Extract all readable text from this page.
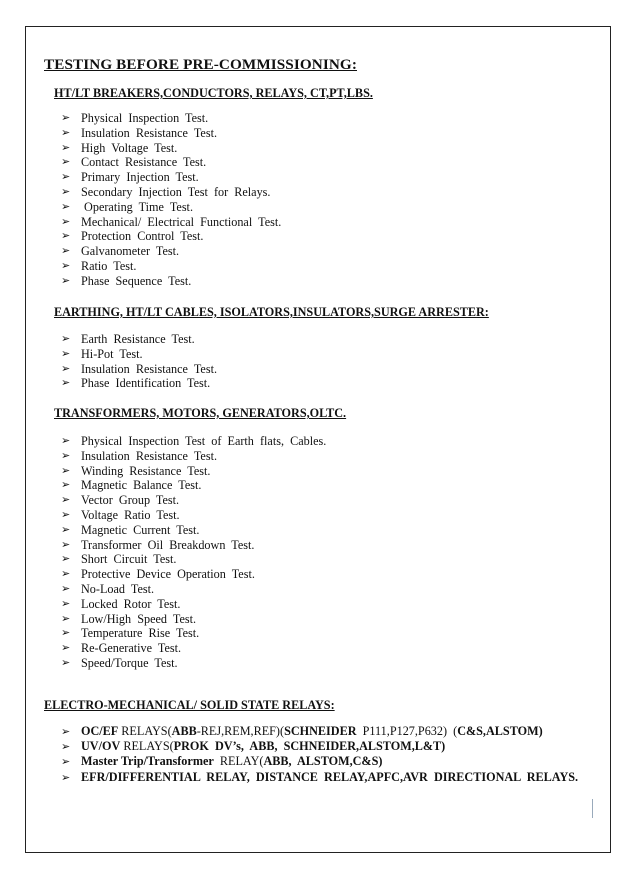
TESTING BEFORE PRE-COMMISSIONING:
HT/LT BREAKERS,CONDUCTORS, RELAYS, CT,PT,LBS.
➢ Physical  Inspection  Test.
➢ Insulation  Resistance  Test.
➢ High  Voltage  Test.
➢ Contact  Resistance  Test.
➢ Primary  Injection  Test.
➢ Secondary  Injection  Test  for  Relays.
➢ Operating  Time  Test.
➢ Mechanical/  Electrical  Functional  Test.
➢ Protection  Control  Test.
➢ Galvanometer  Test.
➢ Ratio  Test.
➢ Phase  Sequence  Test.
EARTHING, HT/LT CABLES, ISOLATORS,INSULATORS,SURGE ARRESTER:
➢ Earth  Resistance  Test.
➢ Hi-Pot  Test.
➢ Insulation  Resistance  Test.
➢ Phase  Identification  Test.
TRANSFORMERS, MOTORS, GENERATORS,OLTC.
➢ Physical  Inspection  Test  of  Earth  flats,  Cables.
➢ Insulation  Resistance  Test.
➢ Winding  Resistance  Test.
➢ Magnetic  Balance  Test.
➢ Vector  Group  Test.
➢ Voltage  Ratio  Test.
➢ Magnetic  Current  Test.
➢ Transformer  Oil  Breakdown  Test.
➢ Short  Circuit  Test.
➢ Protective  Device  Operation  Test.
➢ No-Load  Test.
➢ Locked  Rotor  Test.
➢ Low/High  Speed  Test.
➢ Temperature  Rise  Test.
➢ Re-Generative  Test.
➢ Speed/Torque  Test.
ELECTRO-MECHANICAL/ SOLID STATE RELAYS:
➢ OC/EF RELAYS(ABB-REJ,REM,REF)(SCHNEIDER  P111,P127,P632)  (C&S,ALSTOM)
➢ UV/OV RELAYS(PROK  DV’s,  ABB,  SCHNEIDER,ALSTOM,L&T)
➢ Master Trip/Transformer  RELAY(ABB,  ALSTOM,C&S)
➢ EFR/DIFFERENTIAL  RELAY,  DISTANCE  RELAY,APFC,AVR  DIRECTIONAL  RELAYS.
